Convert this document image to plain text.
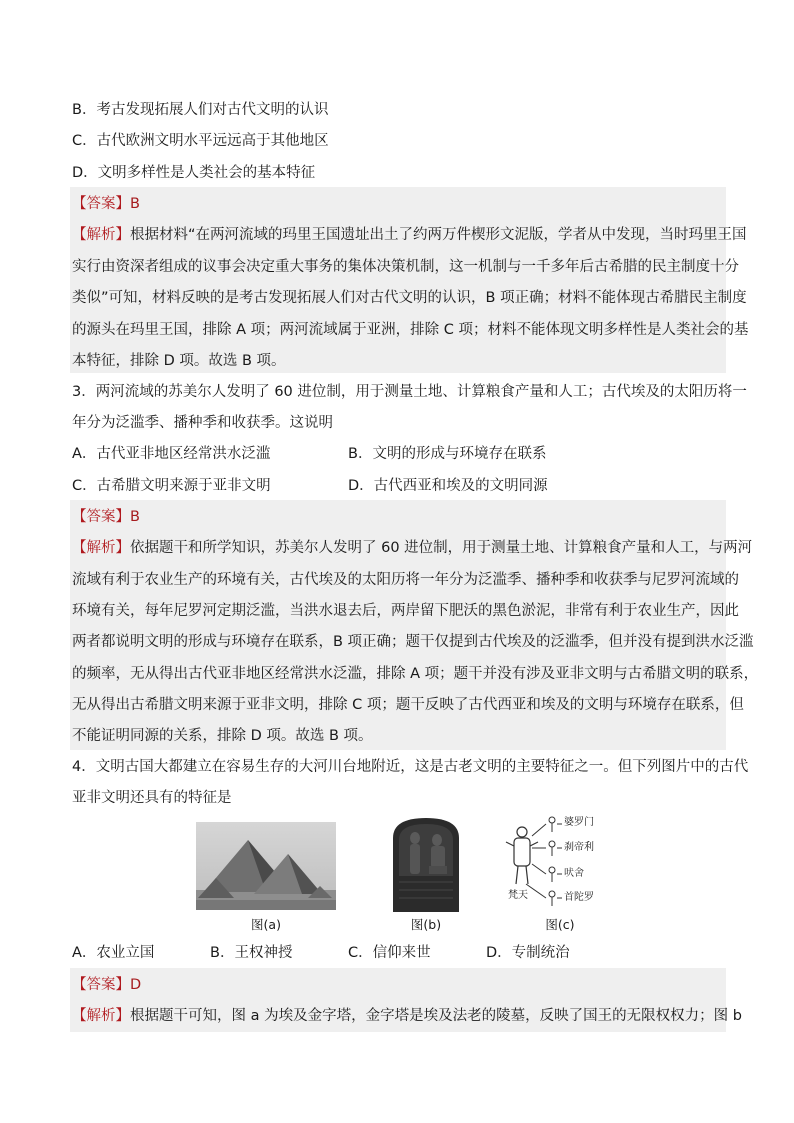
B．考古发现拓展人们对古代文明的认识
C．古代欧洲文明水平远远高于其他地区
D．文明多样性是人类社会的基本特征
【答案】B
【解析】根据材料“在两河流域的玛里王国遗址出土了约两万件楔形文泥版，学者从中发现，当时玛里王国
实行由资深者组成的议事会决定重大事务的集体决策机制，这一机制与一千多年后古希腊的民主制度十分
类似”可知，材料反映的是考古发现拓展人们对古代文明的认识，B 项正确；材料不能体现古希腊民主制度
的源头在玛里王国，排除 A 项；两河流域属于亚洲，排除 C 项；材料不能体现文明多样性是人类社会的基
本特征，排除 D 项。故选 B 项。
3．两河流域的苏美尔人发明了 60 进位制，用于测量土地、计算粮食产量和人工；古代埃及的太阳历将一
年分为泛滥季、播种季和收获季。这说明
A．古代亚非地区经常洪水泛滥	B．文明的形成与环境存在联系
C．古希腊文明来源于亚非文明	D．古代西亚和埃及的文明同源
【答案】B
【解析】依据题干和所学知识，苏美尔人发明了 60 进位制，用于测量土地、计算粮食产量和人工，与两河
流域有利于农业生产的环境有关，古代埃及的太阳历将一年分为泛滥季、播种季和收获季与尼罗河流域的
环境有关，每年尼罗河定期泛滥，当洪水退去后，两岸留下肥沃的黑色淤泥，非常有利于农业生产，因此
两者都说明文明的形成与环境存在联系，B 项正确；题干仅提到古代埃及的泛滥季，但并没有提到洪水泛滥
的频率，无从得出古代亚非地区经常洪水泛滥，排除 A 项；题干并没有涉及亚非文明与古希腊文明的联系，
无从得出古希腊文明来源于亚非文明，排除 C 项；题干反映了古代西亚和埃及的文明与环境存在联系，但
不能证明同源的关系，排除 D 项。故选 B 项。
4．文明古国大都建立在容易生存的大河川台地附近，这是古老文明的主要特征之一。但下列图片中的古代
亚非文明还具有的特征是
图(a)	图(b)
婆罗门
刹帝利
吠舍
首陀罗
梵天
图(c)
A．农业立国	B．王权神授	C．信仰来世	D．专制统治
【答案】D
【解析】根据题干可知，图 a 为埃及金字塔，金字塔是埃及法老的陵墓，反映了国王的无限权权力；图 b
